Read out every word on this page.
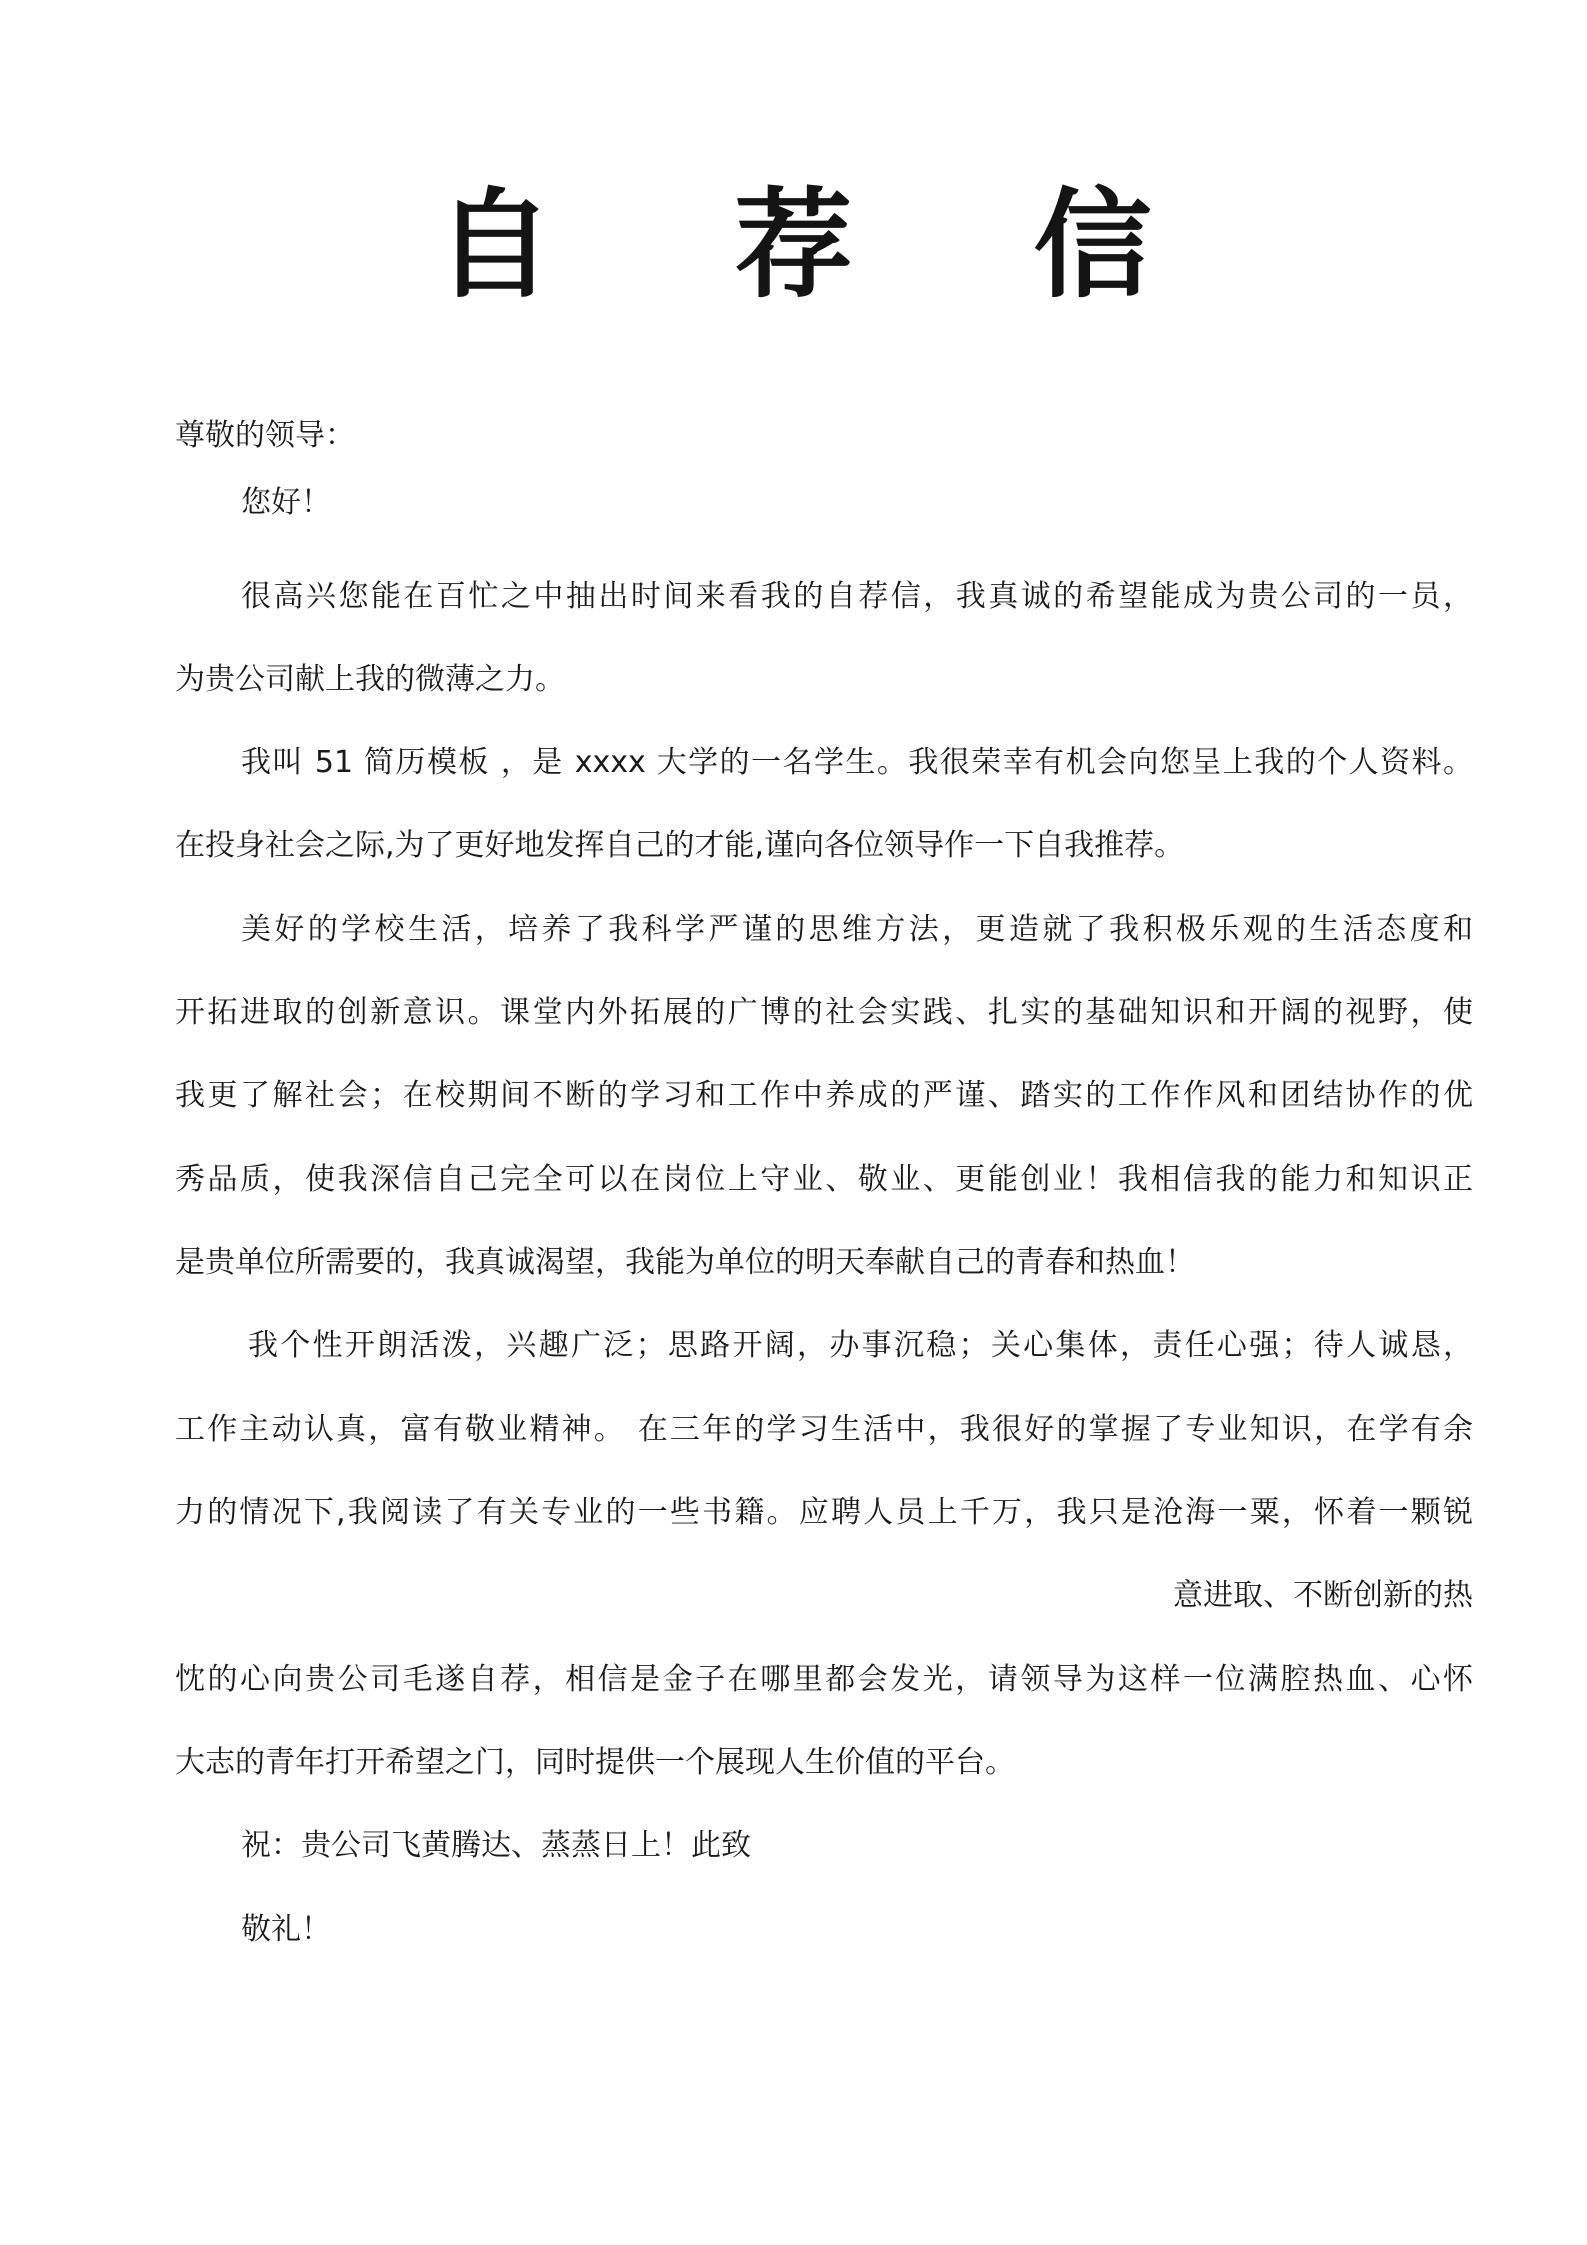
自 荐 信
尊敬的领导：
您好！
很高兴您能在百忙之中抽出时间来看我的自荐信，我真诚的希望能成为贵公司的一员，
为贵公司献上我的微薄之力。
我叫 51 简历模板 ，是 xxxx 大学的一名学生。我很荣幸有机会向您呈上我的个人资料。
在投身社会之际,为了更好地发挥自己的才能,谨向各位领导作一下自我推荐。
美好的学校生活，培养了我科学严谨的思维方法，更造就了我积极乐观的生活态度和
开拓进取的创新意识。课堂内外拓展的广博的社会实践、扎实的基础知识和开阔的视野，使
我更了解社会；在校期间不断的学习和工作中养成的严谨、踏实的工作作风和团结协作的优
秀品质，使我深信自己完全可以在岗位上守业、敬业、更能创业！我相信我的能力和知识正
是贵单位所需要的，我真诚渴望，我能为单位的明天奉献自己的青春和热血！
我个性开朗活泼，兴趣广泛；思路开阔，办事沉稳；关心集体，责任心强；待人诚恳，
工作主动认真，富有敬业精神。 在三年的学习生活中，我很好的掌握了专业知识，在学有余
力的情况下,我阅读了有关专业的一些书籍。应聘人员上千万，我只是沧海一粟，怀着一颗锐
意进取、不断创新的热
忱的心向贵公司毛遂自荐，相信是金子在哪里都会发光，请领导为这样一位满腔热血、心怀
大志的青年打开希望之门，同时提供一个展现人生价值的平台。
祝：贵公司飞黄腾达、蒸蒸日上！此致
敬礼！
